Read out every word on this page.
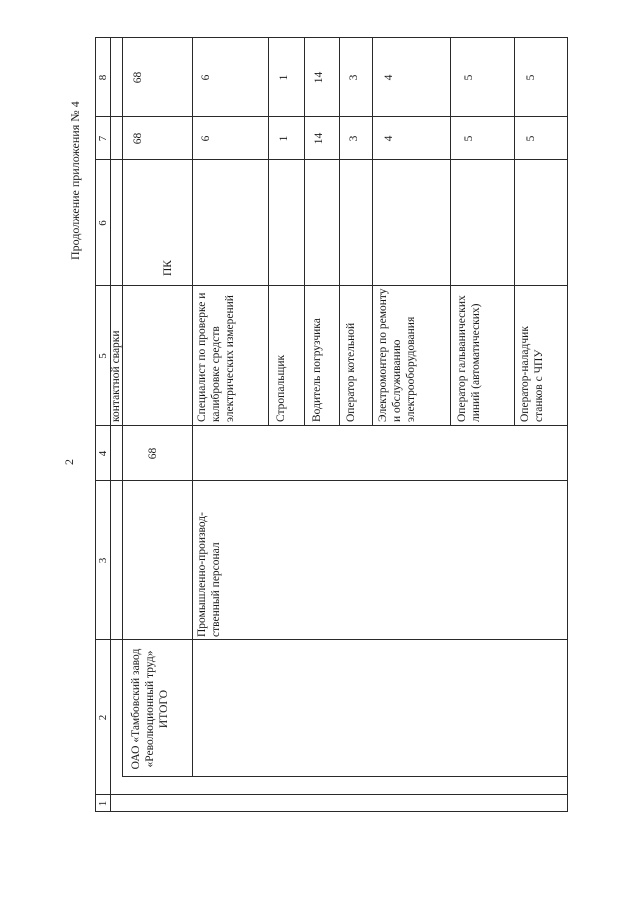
Продолжение приложения № 4
2
1
2
3
4
5
6
7
8
контактной сварки
ОАО «Тамбовский завод «Революционный труд» ИТОГО
68
ПК
68
68
Промышленно-производ-ственный персонал
Специалист по проверке и калибровке средств электрических измерений
6
6
Стропальщик
1
1
Водитель погрузчика
14
14
Оператор котельной
3
3
Электромонтер по ремонту и обслуживанию электрооборудования
4
4
Оператор гальванических линий (автоматических)
5
5
Оператор-наладчик станков с ЧПУ
5
5
